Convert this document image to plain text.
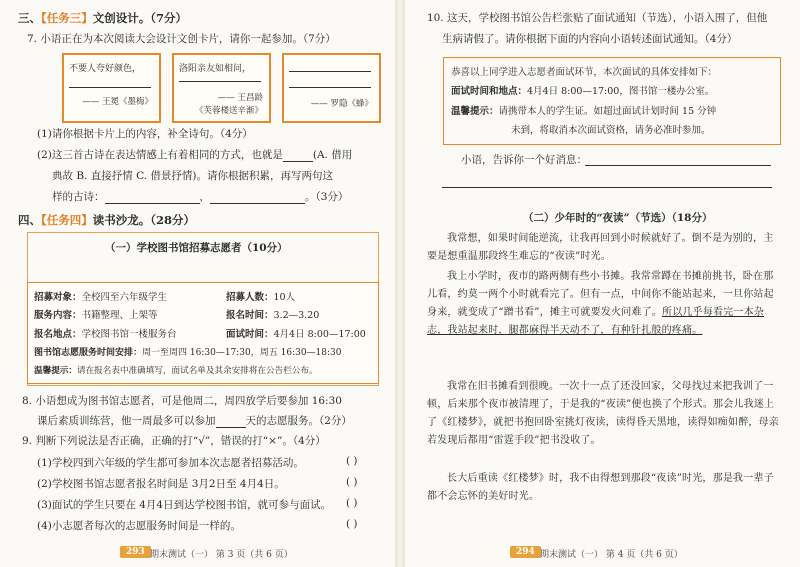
三、【任务三】文创设计。（7分）

7. 小语正在为本次阅读大会设计文创卡片，请你一起参加。（7分）

不要人夸好颜色，
—— 王冕《墨梅》
洛阳亲友如相问，
—— 王昌龄
《芙蓉楼送辛渐》
—— 罗隐《蜂》

(1)请你根据卡片上的内容，补全诗句。（4分）

(2)这三首古诗在表达情感上有着相同的方式，也就是	(A. 借用

典故 B. 直接抒情 C. 借景抒情)。请你根据积累，再写两句这

样的古诗：	，	。（3分）

四、【任务四】读书沙龙。（28分）

（一）学校图书馆招募志愿者（10分）

招募对象：全校四至六年级学生	招募人数：10人
服务内容：书籍整理、上架等	报名时间：3.2—3.20
报名地点：学校图书馆一楼服务台	面试时间：4月4日 8:00—17:00
图书馆志愿服务时间安排：周一至周四 16:30—17:30，周五 16:30—18:30
温馨提示：请在报名表中准确填写，面试名单及其余安排将在公告栏公布。

8. 小语想成为图书馆志愿者，可是他周二，周四放学后要参加 16:30

课后素质训练营，他一周最多可以参加	天的志愿服务。（2分）

9. 判断下列说法是否正确，正确的打“√”，错误的打“×”。（4分）

(1)学校四到六年级的学生都可参加本次志愿者招募活动。	( )

(2)学校图书馆志愿者报名时间是 3月2日至 4月4日。	( )

(3)面试的学生只要在 4月4日到达学校图书馆，就可参与面试。 ( )

(4)小志愿者每次的志愿服务时间是一样的。	( )

293 期末测试（一） 第 3 页（共 6 页）

10. 这天，学校图书馆公告栏张贴了面试通知（节选），小语入围了，但他

生病请假了。请你根据下面的内容向小语转述面试通知。（4分）

恭喜以上同学进入志愿者面试环节，本次面试的具体安排如下：

面试时间和地点：4月4日 8:00—17:00，图书馆一楼办公室。

温馨提示：请携带本人的学生证。如超过面试计划时间 15 分钟

未到，将取消本次面试资格，请务必准时参加。

小语，告诉你一个好消息：

（二）少年时的“夜读”（节选）（18分）

我常想，如果时间能逆流，让我再回到小时候就好了。倒不是为别的，主要是想重温那段终生难忘的“夜读”时光。

我上小学时，夜市的路两侧有些小书摊。我常常蹲在书摊前挑书，卧在那儿看，约莫一两个小时就看完了。但有一点，中间你不能站起来，一旦你站起身来，就变成了“蹭书看”，摊主可就要发火问难了。所以几乎每看完一本杂志，我站起来时，腿都麻得半天动不了，有种针扎般的疼痛。

我常在旧书摊看到很晚。一次十一点了还没回家，父母找过来把我训了一顿，后来那个夜市被清理了，于是我的“夜读”便也换了个形式。那会儿我迷上了《红楼梦》，就把书抱回卧室挑灯夜读，读得昏天黑地，读得如痴如醉，母亲若发现后都用“雷霆手段”把书没收了。

长大后重读《红楼梦》时，我不由得想到那段“夜读”时光，那是我一辈子都不会忘怀的美好时光。

294 期末测试（一） 第 4 页（共 6 页）
